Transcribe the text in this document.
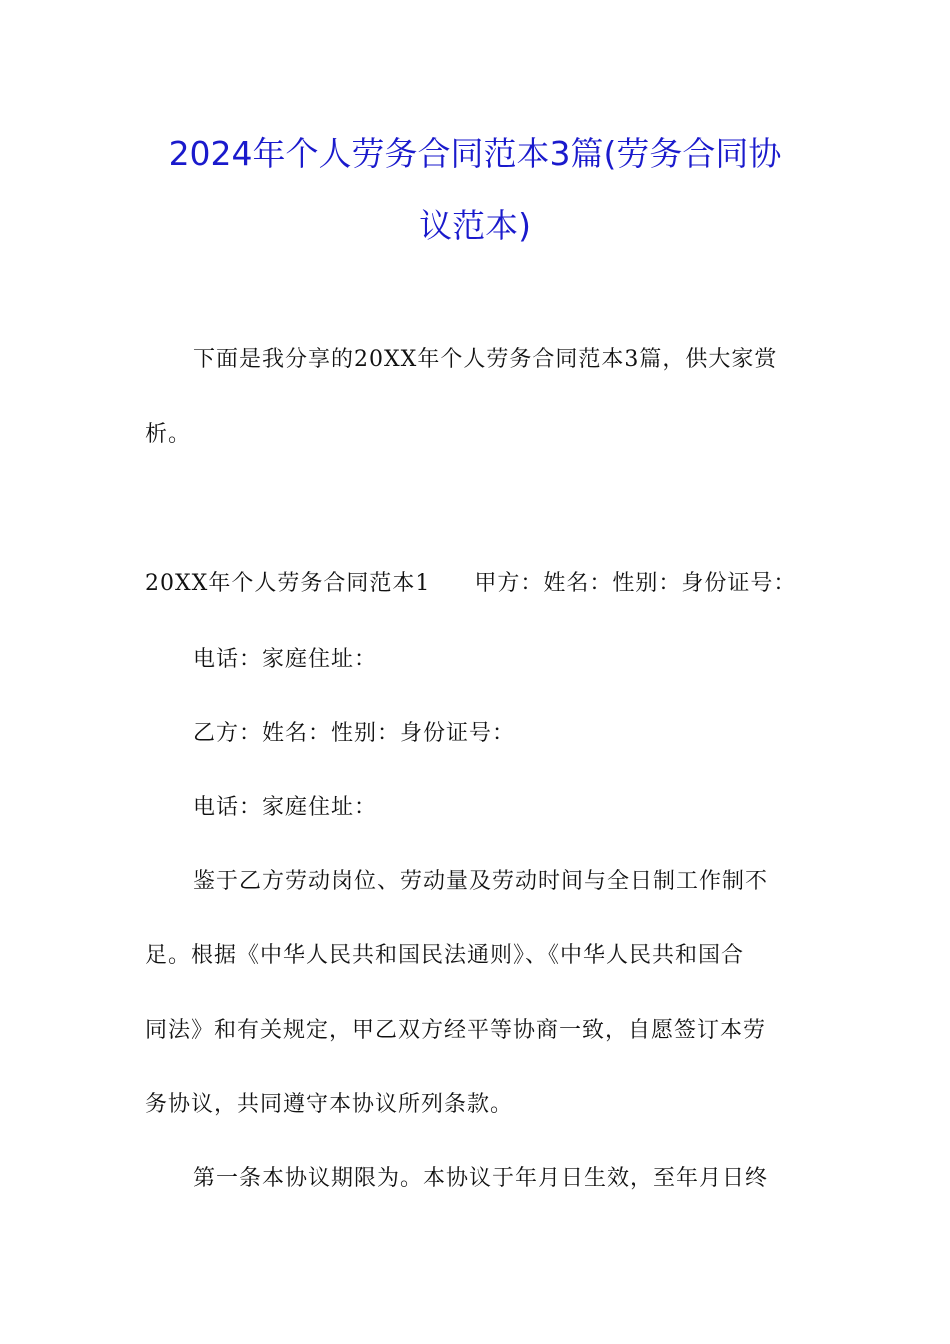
2024年个人劳务合同范本3篇(劳务合同协
议范本)
下面是我分享的20XX年个人劳务合同范本3篇，供大家赏
析。
20XX年个人劳务合同范本1 甲方：姓名：性别：身份证号：
电话：家庭住址：
乙方：姓名：性别：身份证号：
电话：家庭住址：
鉴于乙方劳动岗位、劳动量及劳动时间与全日制工作制不
足。根据《中华人民共和国民法通则》、《中华人民共和国合
同法》和有关规定，甲乙双方经平等协商一致，自愿签订本劳
务协议，共同遵守本协议所列条款。
第一条本协议期限为。本协议于年月日生效，至年月日终
